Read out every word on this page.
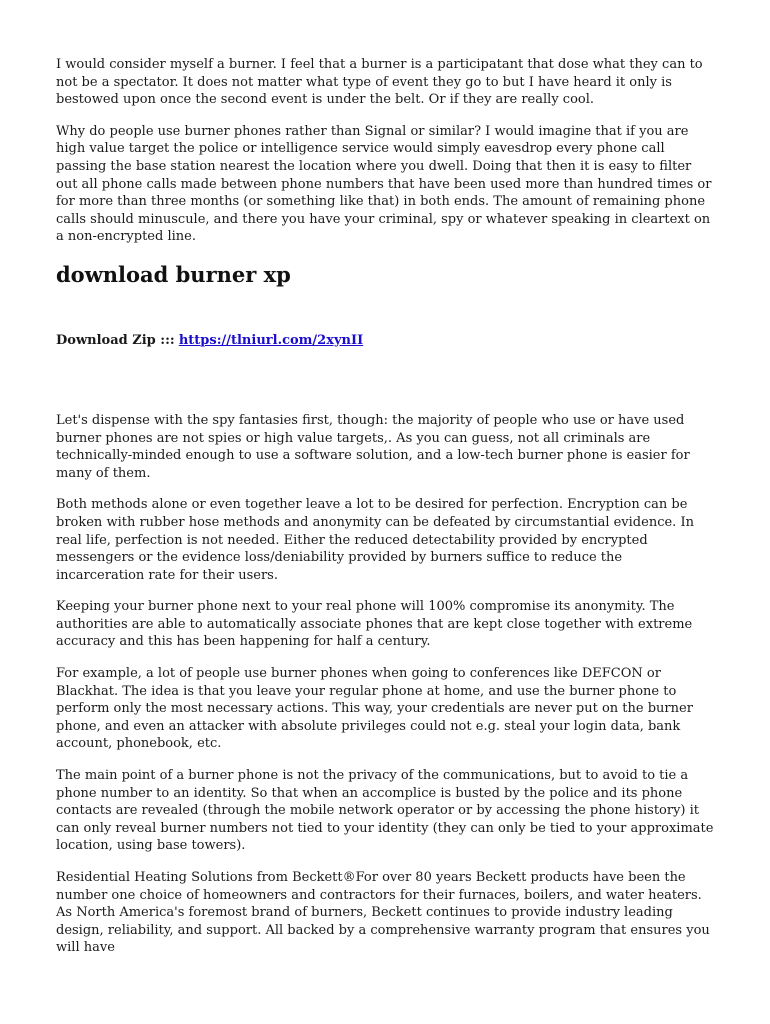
I would consider myself a burner. I feel that a burner is a participatant that dose what they can to not be a spectator. It does not matter what type of event they go to but I have heard it only is bestowed upon once the second event is under the belt. Or if they are really cool.

Why do people use burner phones rather than Signal or similar? I would imagine that if you are high value target the police or intelligence service would simply eavesdrop every phone call passing the base station nearest the location where you dwell. Doing that then it is easy to filter out all phone calls made between phone numbers that have been used more than hundred times or for more than three months (or something like that) in both ends. The amount of remaining phone calls should minuscule, and there you have your criminal, spy or whatever speaking in cleartext on a non-encrypted line.

download burner xp
Download Zip ::: https://tlniurl.com/2xynII

Let's dispense with the spy fantasies first, though: the majority of people who use or have used burner phones are not spies or high value targets,. As you can guess, not all criminals are technically-minded enough to use a software solution, and a low-tech burner phone is easier for many of them.

Both methods alone or even together leave a lot to be desired for perfection. Encryption can be broken with rubber hose methods and anonymity can be defeated by circumstantial evidence. In real life, perfection is not needed. Either the reduced detectability provided by encrypted messengers or the evidence loss/deniability provided by burners suffice to reduce the incarceration rate for their users.

Keeping your burner phone next to your real phone will 100% compromise its anonymity. The authorities are able to automatically associate phones that are kept close together with extreme accuracy and this has been happening for half a century.

For example, a lot of people use burner phones when going to conferences like DEFCON or Blackhat. The idea is that you leave your regular phone at home, and use the burner phone to perform only the most necessary actions. This way, your credentials are never put on the burner phone, and even an attacker with absolute privileges could not e.g. steal your login data, bank account, phonebook, etc.

The main point of a burner phone is not the privacy of the communications, but to avoid to tie a phone number to an identity. So that when an accomplice is busted by the police and its phone contacts are revealed (through the mobile network operator or by accessing the phone history) it can only reveal burner numbers not tied to your identity (they can only be tied to your approximate location, using base towers).

Residential Heating Solutions from Beckett®For over 80 years Beckett products have been the number one choice of homeowners and contractors for their furnaces, boilers, and water heaters. As North America's foremost brand of burners, Beckett continues to provide industry leading design, reliability, and support. All backed by a comprehensive warranty program that ensures you will have
